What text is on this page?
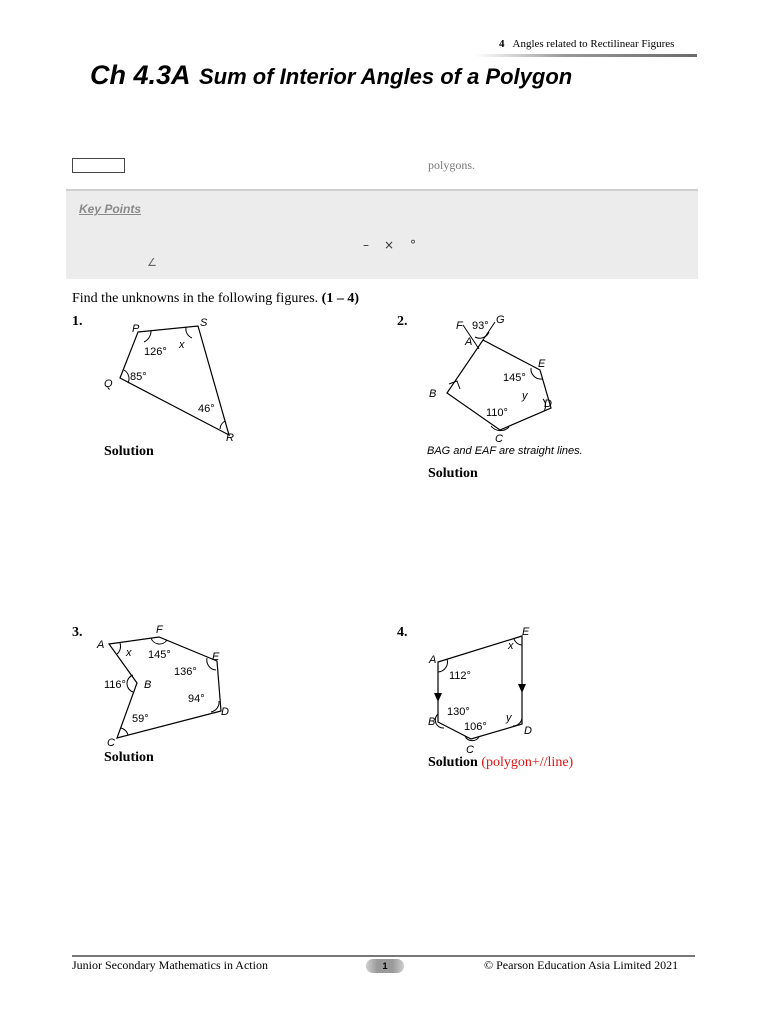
4 Angles related to Rectilinear Figures
Ch 4.3A Sum of Interior Angles of a Polygon
polygons.
Key Points
– × °
∠
Find the unknowns in the following figures. (1 – 4)
1.	P	S
R
Q
126°
85°
46°
x
Solution
2.	F	G
A
E
D
C
B
93°
145°
110°
y
BAG and EAF are straight lines.
Solution
3.
A
F
E
D
C
B
145°
136°
94°
59°
116°
x
Solution
4.	E
A
B
C
D
112°
130°
106°
x
y
Solution (polygon+//line)
Junior Secondary Mathematics in Action	1	© Pearson Education Asia Limited 2021
